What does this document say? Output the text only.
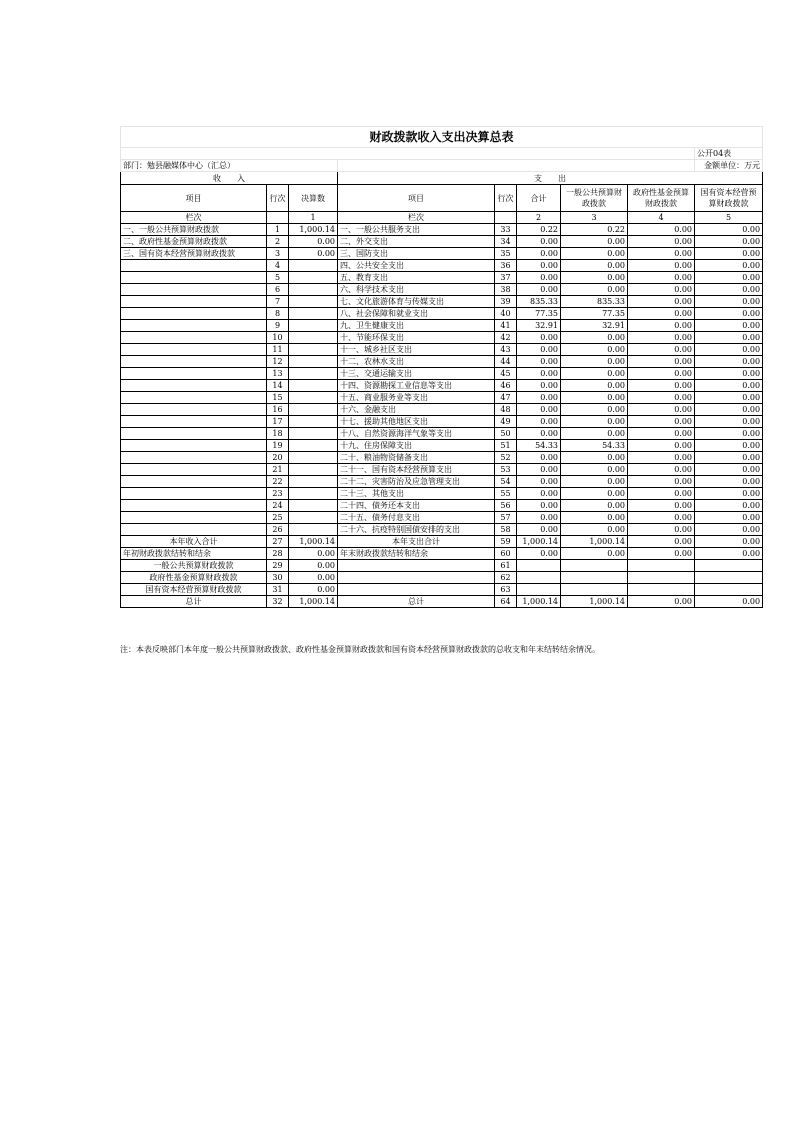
财政拨款收入支出决算总表								
								公开04表
部门：勉县融媒体中心（汇总）								金额单位：万元
收　　入			支　　出					
项目	行次	决算数	项目	行次	合计	一般公共预算财政拨款	政府性基金预算财政拨款	国有资本经营预算财政拨款
栏次		1	栏次		2	3	4	5
一、一般公共预算财政拨款	1	1,000.14	一、一般公共服务支出	33	0.22	0.22	0.00	0.00
二、政府性基金预算财政拨款	2	0.00	二、外交支出	34	0.00	0.00	0.00	0.00
三、国有资本经营预算财政拨款	3	0.00	三、国防支出	35	0.00	0.00	0.00	0.00
	4		四、公共安全支出	36	0.00	0.00	0.00	0.00
	5		五、教育支出	37	0.00	0.00	0.00	0.00
	6		六、科学技术支出	38	0.00	0.00	0.00	0.00
	7		七、文化旅游体育与传媒支出	39	835.33	835.33	0.00	0.00
	8		八、社会保障和就业支出	40	77.35	77.35	0.00	0.00
	9		九、卫生健康支出	41	32.91	32.91	0.00	0.00
	10		十、节能环保支出	42	0.00	0.00	0.00	0.00
	11		十一、城乡社区支出	43	0.00	0.00	0.00	0.00
	12		十二、农林水支出	44	0.00	0.00	0.00	0.00
	13		十三、交通运输支出	45	0.00	0.00	0.00	0.00
	14		十四、资源勘探工业信息等支出	46	0.00	0.00	0.00	0.00
	15		十五、商业服务业等支出	47	0.00	0.00	0.00	0.00
	16		十六、金融支出	48	0.00	0.00	0.00	0.00
	17		十七、援助其他地区支出	49	0.00	0.00	0.00	0.00
	18		十八、自然资源海洋气象等支出	50	0.00	0.00	0.00	0.00
	19		十九、住房保障支出	51	54.33	54.33	0.00	0.00
	20		二十、粮油物资储备支出	52	0.00	0.00	0.00	0.00
	21		二十一、国有资本经营预算支出	53	0.00	0.00	0.00	0.00
	22		二十二、灾害防治及应急管理支出	54	0.00	0.00	0.00	0.00
	23		二十三、其他支出	55	0.00	0.00	0.00	0.00
	24		二十四、债务还本支出	56	0.00	0.00	0.00	0.00
	25		二十五、债务付息支出	57	0.00	0.00	0.00	0.00
	26		二十六、抗疫特别国债安排的支出	58	0.00	0.00	0.00	0.00
本年收入合计	27	1,000.14	本年支出合计	59	1,000.14	1,000.14	0.00	0.00
年初财政拨款结转和结余	28	0.00	年末财政拨款结转和结余	60	0.00	0.00	0.00	0.00
一般公共预算财政拨款	29	0.00		61				
政府性基金预算财政拨款	30	0.00		62				
国有资本经营预算财政拨款	31	0.00		63				
总计	32	1,000.14	总计	64	1,000.14	1,000.14	0.00	0.00
注：本表反映部门本年度一般公共预算财政拨款、政府性基金预算财政拨款和国有资本经营预算财政拨款的总收支和年末结转结余情况。
